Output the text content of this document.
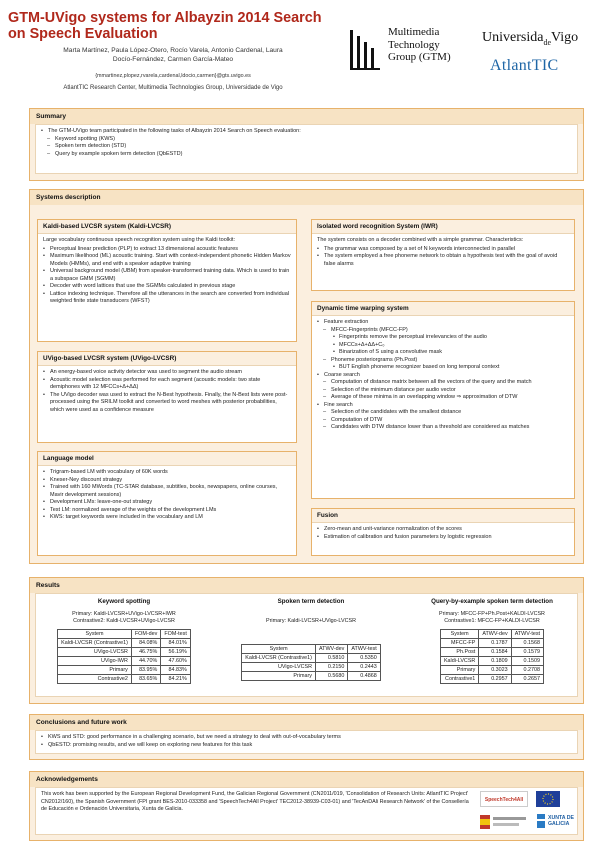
GTM-UVigo systems for Albayzin 2014 Search on Speech Evaluation
Marta Martínez, Paula López-Otero, Rocío Varela, Antonio Cardenal, Laura
Docío-Fernández, Carmen García-Mateo
{mmartinez,plopez,rvarela,cardenal,ldocio,carmen}@gts.uvigo.es
AtlantTIC Research Center, Multimedia Technologies Group, Universidade de Vigo
Multimedia
Technology
Group (GTM)
Universida$_{de}$Vigo
AtlantTIC
Summary
• The GTM-UVigo team participated in the following tasks of Albayzin 2014 Search on Speech evaluation:
– Keyword spotting (KWS)
– Spoken term detection (STD)
– Query by example spoken term detection (QbESTD)
Systems description
Kaldi-based LVCSR system (Kaldi-LVCSR)
Large vocabulary continuous speech recognition system using the Kaldi toolkit:
• Perceptual linear prediction (PLP) to extract 13 dimensional acoustic features
• Maximum likelihood (ML) acoustic training. Start with context-independent phonetic Hidden Markov Models (HMMs), and end with a speaker adaptive training
• Universal background model (UBM) from speaker-transformed training data. Which is used to train a subspace GMM (SGMM)
• Decoder with word lattices that use the SGMMs calculated in previous stage
• Lattice indexing technique. Therefore all the utterances in the search are converted from individual weighted finite state transducers (WFST)
UVigo-based LVCSR system (UVigo-LVCSR)
• An energy-based voice activity detector was used to segment the audio stream
• Acoustic model selection was performed for each segment (acoustic models: two state demiphones with 12 MFCCs+Δ+ΔΔ)
• The UVigo decoder was used to extract the N-Best hypothesis. Finally, the N-Best lists were post-processed using the SRILM toolkit and converted to word meshes with posterior probabilities, which were used as a confidence measure
Language model
• Trigram-based LM with vocabulary of 60K words
• Kneser-Ney discount strategy
• Trained with 160 MWords (TC-STAR database, subtitles, books, newspapers, online courses, Mavir development sessions)
• Development LMs: leave-one-out strategy
• Test LM: normalized average of the weights of the development LMs
• KWS: target keywords were included in the vocabulary and LM
Isolated word recognition System (IWR)
The system consists on a decoder combined with a simple grammar. Characteristics:
• The grammar was composed by a set of N keywords interconnected in parallel
• The system employed a free phoneme network to obtain a hypothesis test with the goal of avoid false alarms
Dynamic time warping system
• Feature extraction
– MFCC-Fingerprints (MFCC-FP)
• Fingerprints remove the perceptual irrelevancies of the audio
• MFCCs+Δ+ΔΔ+C₀
• Binarization of S using a convolutive mask
– Phoneme posteriorgrams (Ph.Post)
• BUT English phoneme recognizer based on long temporal context
• Coarse search
– Computation of distance matrix between all the vectors of the query and the match
– Selection of the minimum distance per audio vector
– Average of these minima in an overlapping window ⇒ approximation of DTW
• Fine search
– Selection of the candidates with the smallest distance
– Computation of DTW
– Candidates with DTW distance lower than a threshold are considered as matches
Fusion
• Zero-mean and unit-variance normalization of the scores
• Estimation of calibration and fusion parameters by logistic regression
Results
Keyword spotting
Primary: Kaldi-LVCSR+UVigo-LVCSR+IWR
Contrastive2: Kaldi-LVCSR+UVigo-LVCSR
System	FOM-dev	FOM-test
Kaldi-LVCSR (Contrastive1)	84.08%	84.01%
UVigo-LVCSR	46.75%	56.19%
UVigo-IWR	44.70%	47.60%
Primary	83.95%	84.83%
Contrastive2	83.65%	84.21%
Spoken term detection
Primary: Kaldi-LVCSR+UVigo-LVCSR
System	ATWV-dev	ATWV-test
Kaldi-LVCSR (Contrastive1)	0.5810	0.5350
UVigo-LVCSR	0.2150	0.2443
Primary	0.5680	0.4868
Query-by-example spoken term detection
Primary: MFCC-FP+Ph.Post+KALDI-LVCSR
Contrastive1: MFCC-FP+KALDI-LVCSR
System	ATWV-dev	ATWV-test
MFCC-FP	0.1787	0.1568
Ph.Post	0.1584	0.1579
Kaldi-LVCSR	0.1809	0.1509
Primary	0.3023	0.2708
Contrastive1	0.2957	0.2657
Conclusions and future work
• KWS and STD: good performance in a challenging scenario, but we need a strategy to deal with out-of-vocabulary terms
• QbESTD: promising results, and we will keep on exploring new features for this task
Acknowledgements
This work has been supported by the European Regional Development Fund, the Galician Regional Government (CN2011/019, 'Consolidation of Research Units: AtlantTIC Project' CN2012/160), the Spanish Government (FPI grant BES-2010-033358 and 'SpeechTech4All Project' TEC2012-38939-C03-01) and 'TecAnDAli Research Network' of the Consellería de Educación e Ordenación Universitaria, Xunta de Galicia.
SpeechTech4All
XUNTA DE GALICIA
